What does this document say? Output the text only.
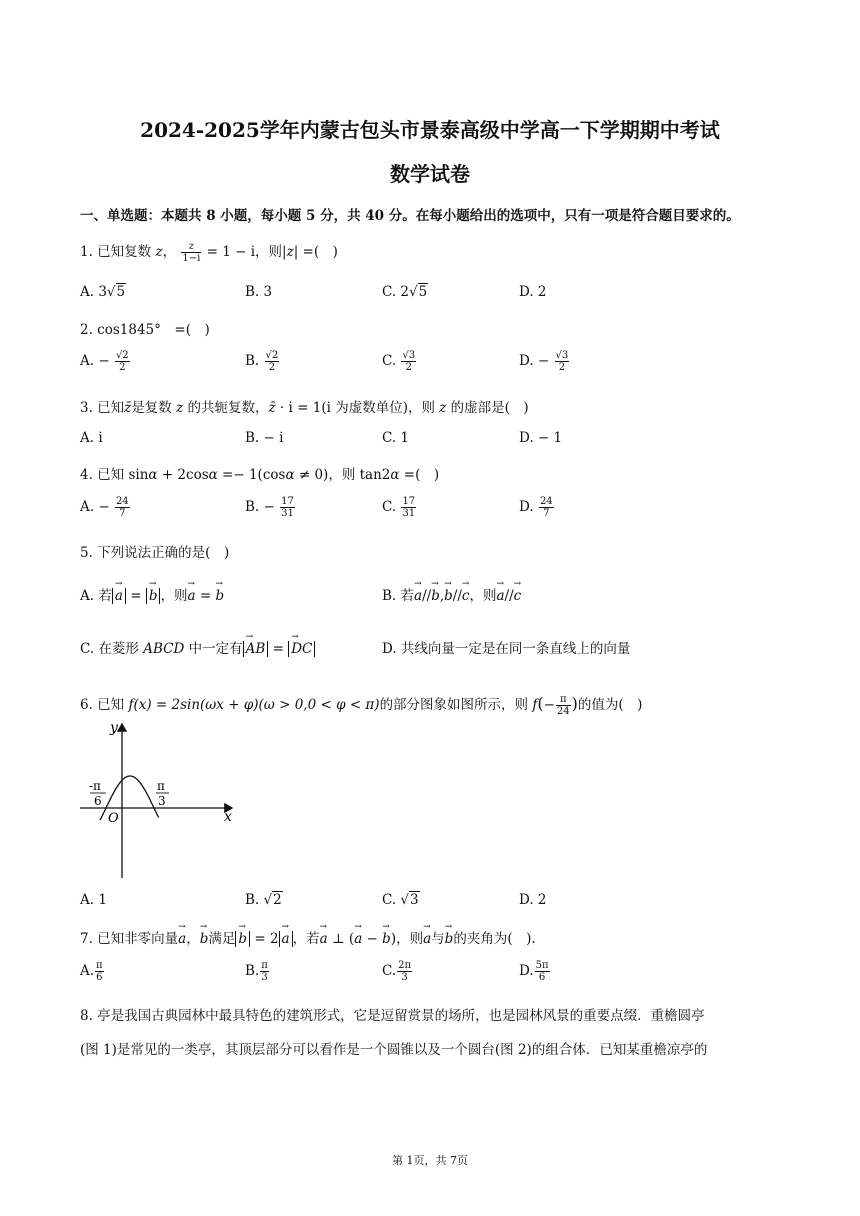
2024-2025学年内蒙古包头市景泰高级中学高一下学期期中考试
数学试卷
一、单选题：本题共 8 小题，每小题 5 分，共 40 分。在每小题给出的选项中，只有一项是符合题目要求的。
1. 已知复数 z， $\frac{z}{1-i} = 1 - i$，则|z| =(　)
A. 3√5	B. 3	C. 2√5	D. 2
2. cos1845°　=(　)
A. − $\frac{√2}{2}$	B. $\frac{√2}{2}$	C. $\frac{√3}{2}$	D. − $\frac{√3}{2}$
3. 已知z̄是复数 z 的共轭复数，z̄ · i = 1(i 为虚数单位)，则 z 的虚部是(　)
A. i	B. − i	C. 1	D. − 1
4. 已知 sinα + 2cosα =− 1(cosα ≠ 0)，则 tan2α =(　)
A. − $\frac{24}{7}$	B. − $\frac{17}{31}$	C. $\frac{17}{31}$	D. $\frac{24}{7}$
5. 下列说法正确的是(　)
A. 若 → a = → b ，则→ a = → b	B. 若→ a//→ b,→ b//→ c，则→ a//→ c
C. 在菱形 ABCD 中一定有 → AB = → DC	D. 共线向量一定是在同一条直线上的向量
6. 已知 f(x) = 2sin(ωx + φ)(ω > 0,0 < φ < π)的部分图象如图所示，则 $f(- \frac{\pi}{24}$ )的值为(　)
y
x
O
-π
6
π
3
A. 1	B. √2	C. √3	D. 2
7. 已知非零向量→ a，→ b满足 → b = 2 → a ，若→ a ⊥ (→ a − → b)，则→ a与→ b的夹角为(　).
A. $\frac{\pi}{6}$	B. $\frac{\pi}{3}$	C. $\frac{2\pi}{3}$	D. $\frac{5\pi}{6}$
8. 亭是我国古典园林中最具特色的建筑形式，它是逗留赏景的场所，也是园林风景的重要点缀．重檐圆亭
(图 1)是常见的一类亭，其顶层部分可以看作是一个圆锥以及一个圆台(图 2)的组合体．已知某重檐凉亭的
第 1页，共 7页
